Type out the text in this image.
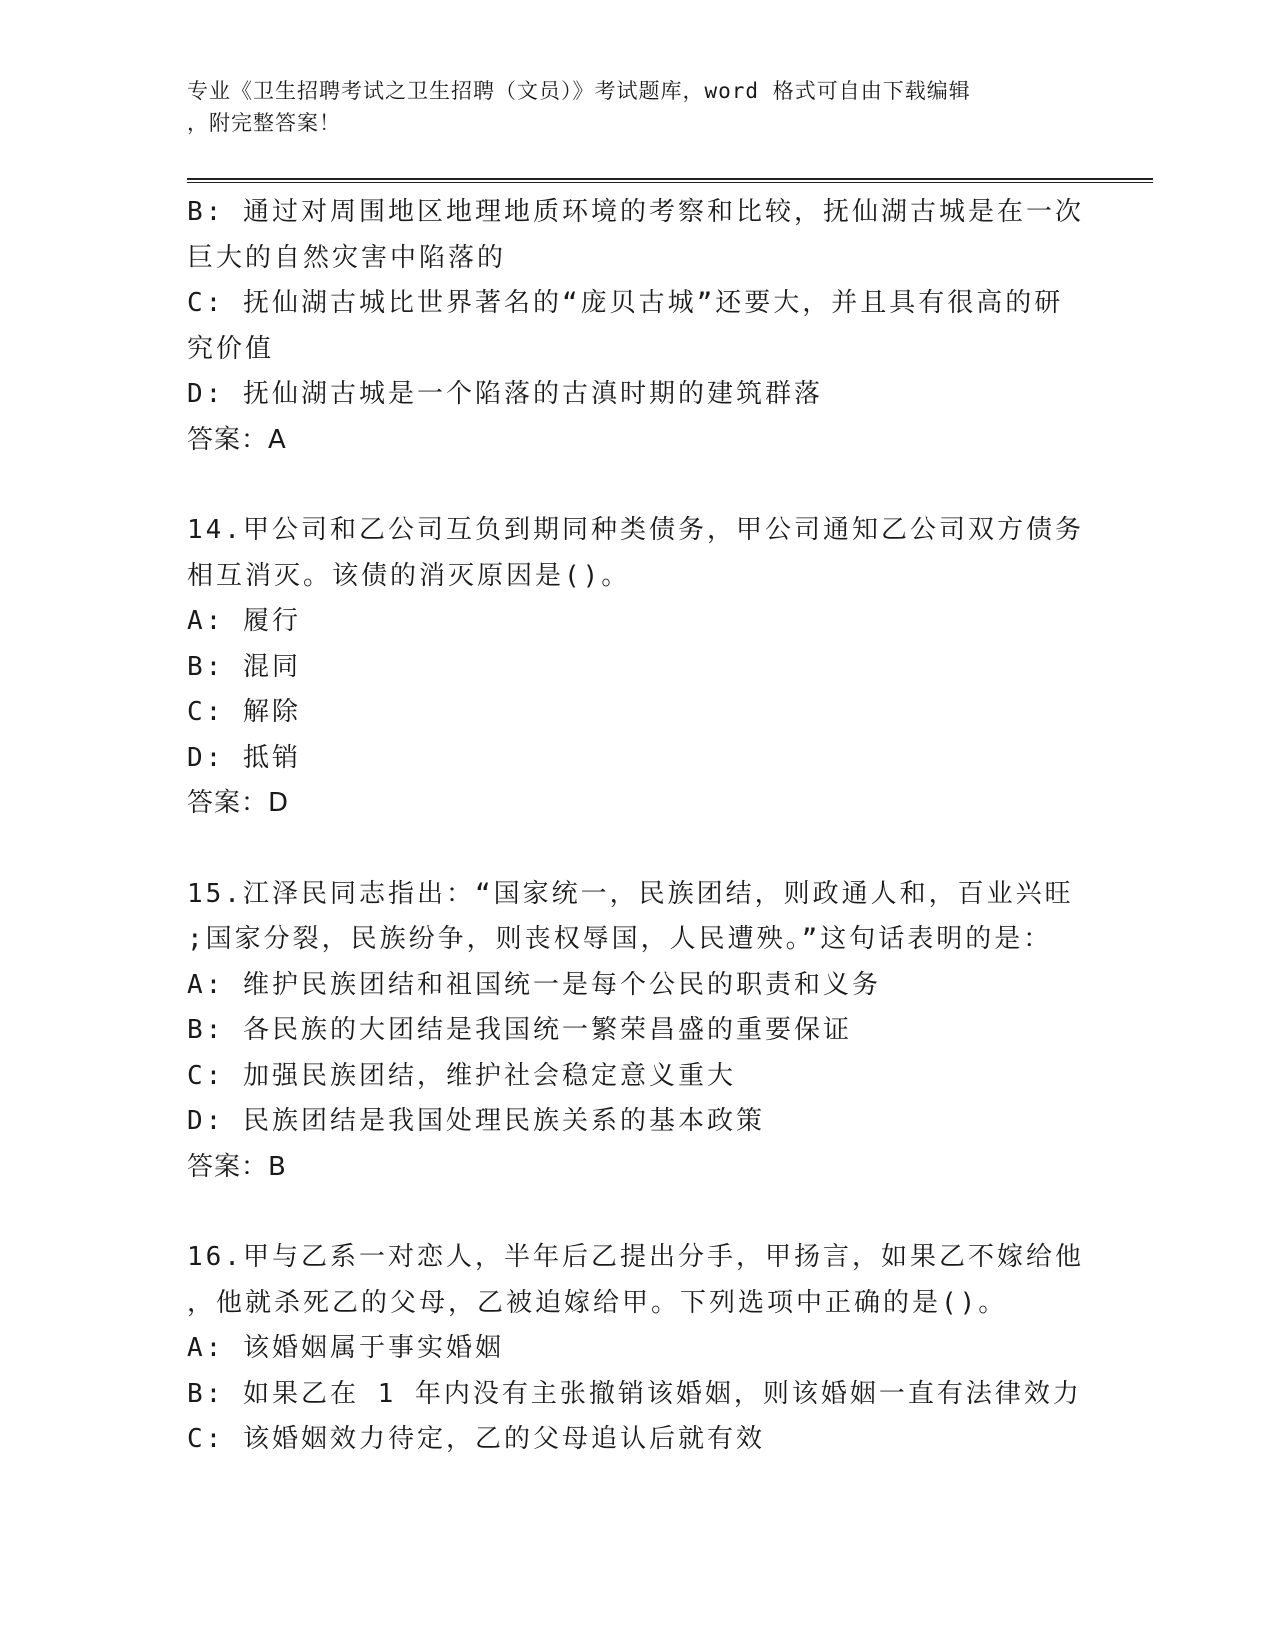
专业《卫生招聘考试之卫生招聘（文员）》考试题库，word 格式可自由下载编辑
，附完整答案！
B: 通过对周围地区地理地质环境的考察和比较，抚仙湖古城是在一次
巨大的自然灾害中陷落的
C: 抚仙湖古城比世界著名的“庞贝古城”还要大，并且具有很高的研
究价值
D: 抚仙湖古城是一个陷落的古滇时期的建筑群落
答案：A
14.甲公司和乙公司互负到期同种类债务，甲公司通知乙公司双方债务
相互消灭。该债的消灭原因是()。
A: 履行
B: 混同
C: 解除
D: 抵销
答案：D
15.江泽民同志指出：“国家统一，民族团结，则政通人和，百业兴旺
;国家分裂，民族纷争，则丧权辱国，人民遭殃。”这句话表明的是：
A: 维护民族团结和祖国统一是每个公民的职责和义务
B: 各民族的大团结是我国统一繁荣昌盛的重要保证
C: 加强民族团结，维护社会稳定意义重大
D: 民族团结是我国处理民族关系的基本政策
答案：B
16.甲与乙系一对恋人，半年后乙提出分手，甲扬言，如果乙不嫁给他
，他就杀死乙的父母，乙被迫嫁给甲。下列选项中正确的是()。
A: 该婚姻属于事实婚姻
B: 如果乙在 1 年内没有主张撤销该婚姻，则该婚姻一直有法律效力
C: 该婚姻效力待定，乙的父母追认后就有效
